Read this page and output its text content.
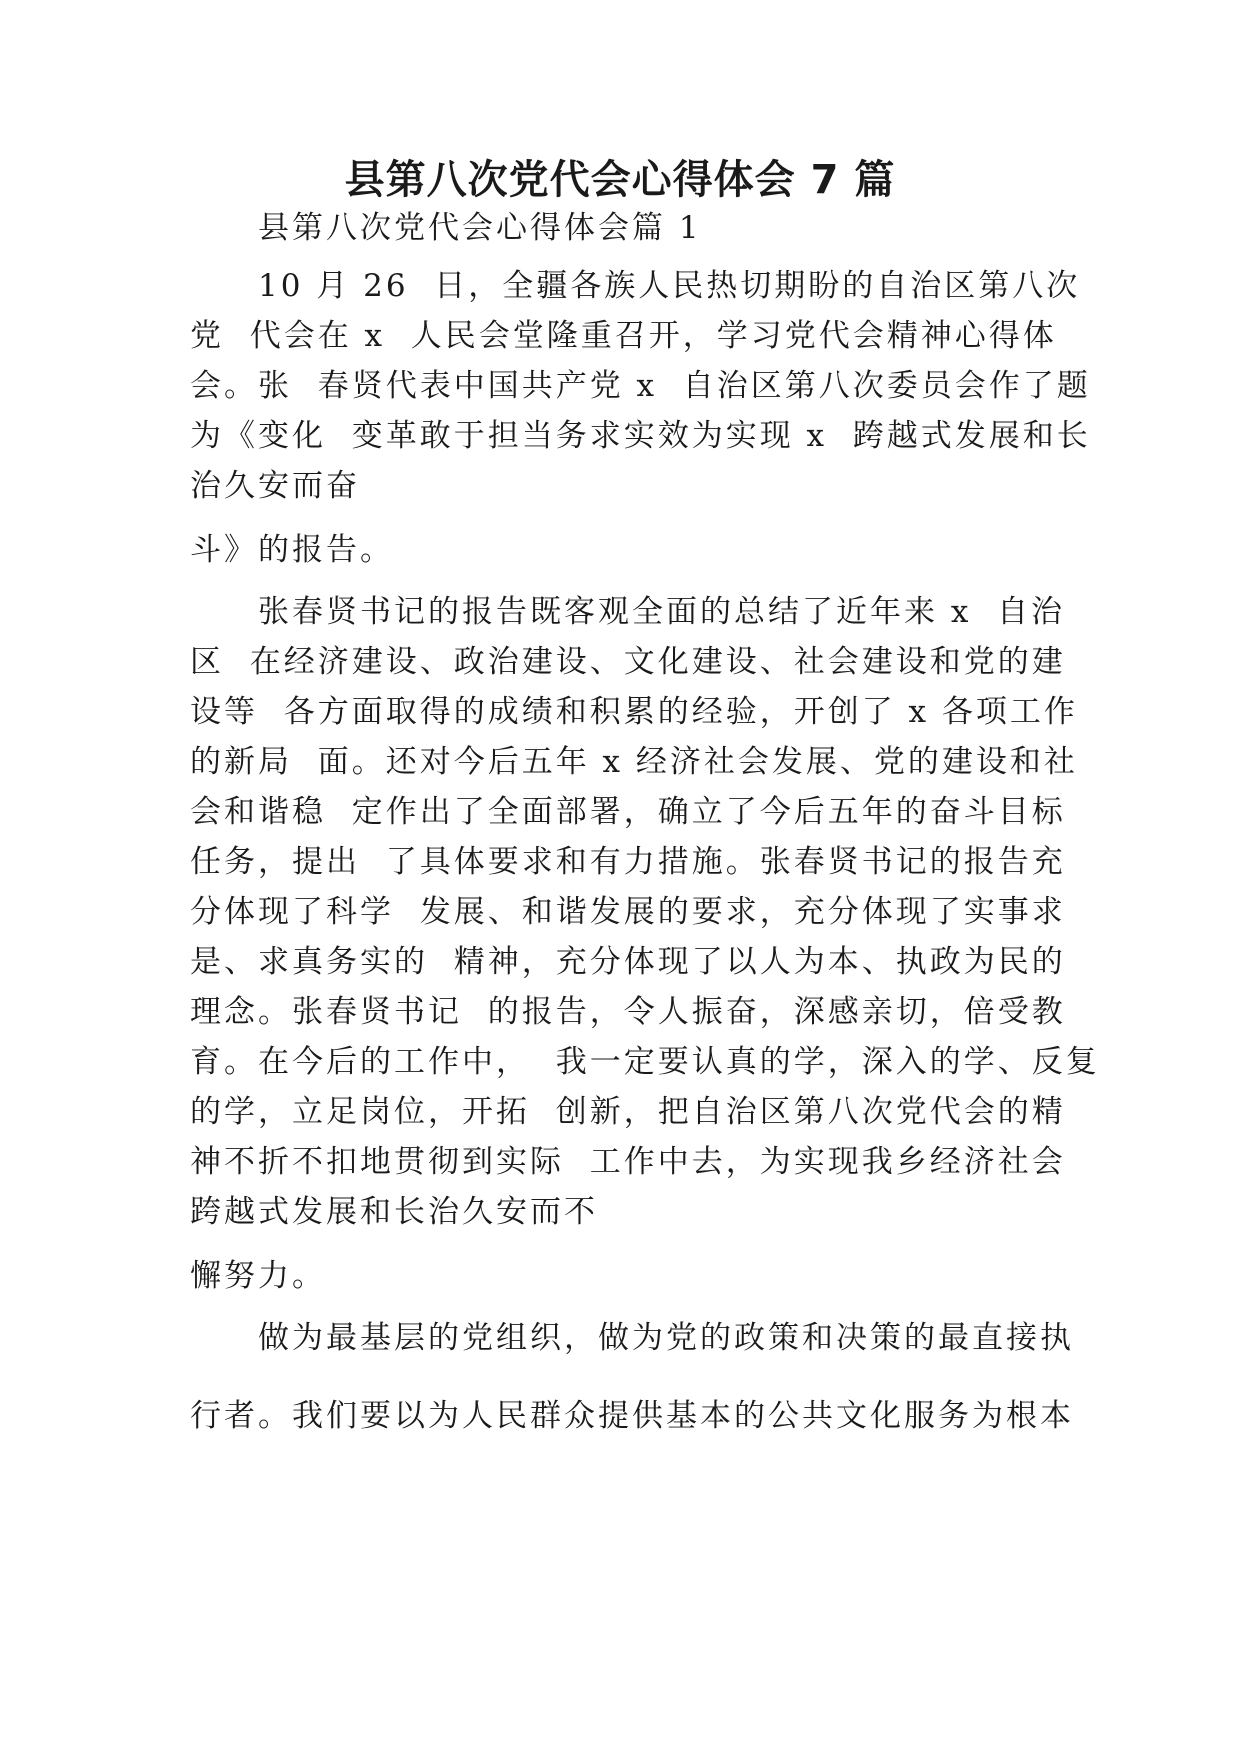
县第八次党代会心得体会 7 篇

县第八次党代会心得体会篇 1

10 月 26  日，全疆各族人民热切期盼的自治区第八次

党  代会在 x  人民会堂隆重召开，学习党代会精神心得体

会。张  春贤代表中国共产党 x  自治区第八次委员会作了题

为《变化  变革敢于担当务求实效为实现 x  跨越式发展和长

治久安而奋

斗》的报告。

张春贤书记的报告既客观全面的总结了近年来 x  自治

区  在经济建设、政治建设、文化建设、社会建设和党的建

设等  各方面取得的成绩和积累的经验，开创了 x 各项工作

的新局  面。还对今后五年 x 经济社会发展、党的建设和社

会和谐稳  定作出了全面部署，确立了今后五年的奋斗目标

任务，提出  了具体要求和有力措施。张春贤书记的报告充

分体现了科学  发展、和谐发展的要求，充分体现了实事求

是、求真务实的  精神，充分体现了以人为本、执政为民的

理念。张春贤书记  的报告，令人振奋，深感亲切，倍受教

育。在今后的工作中，  我一定要认真的学，深入的学、反复

的学，立足岗位，开拓  创新，把自治区第八次党代会的精

神不折不扣地贯彻到实际  工作中去，为实现我乡经济社会

跨越式发展和长治久安而不

懈努力。

做为最基层的党组织，做为党的政策和决策的最直接执

行者。我们要以为人民群众提供基本的公共文化服务为根本
